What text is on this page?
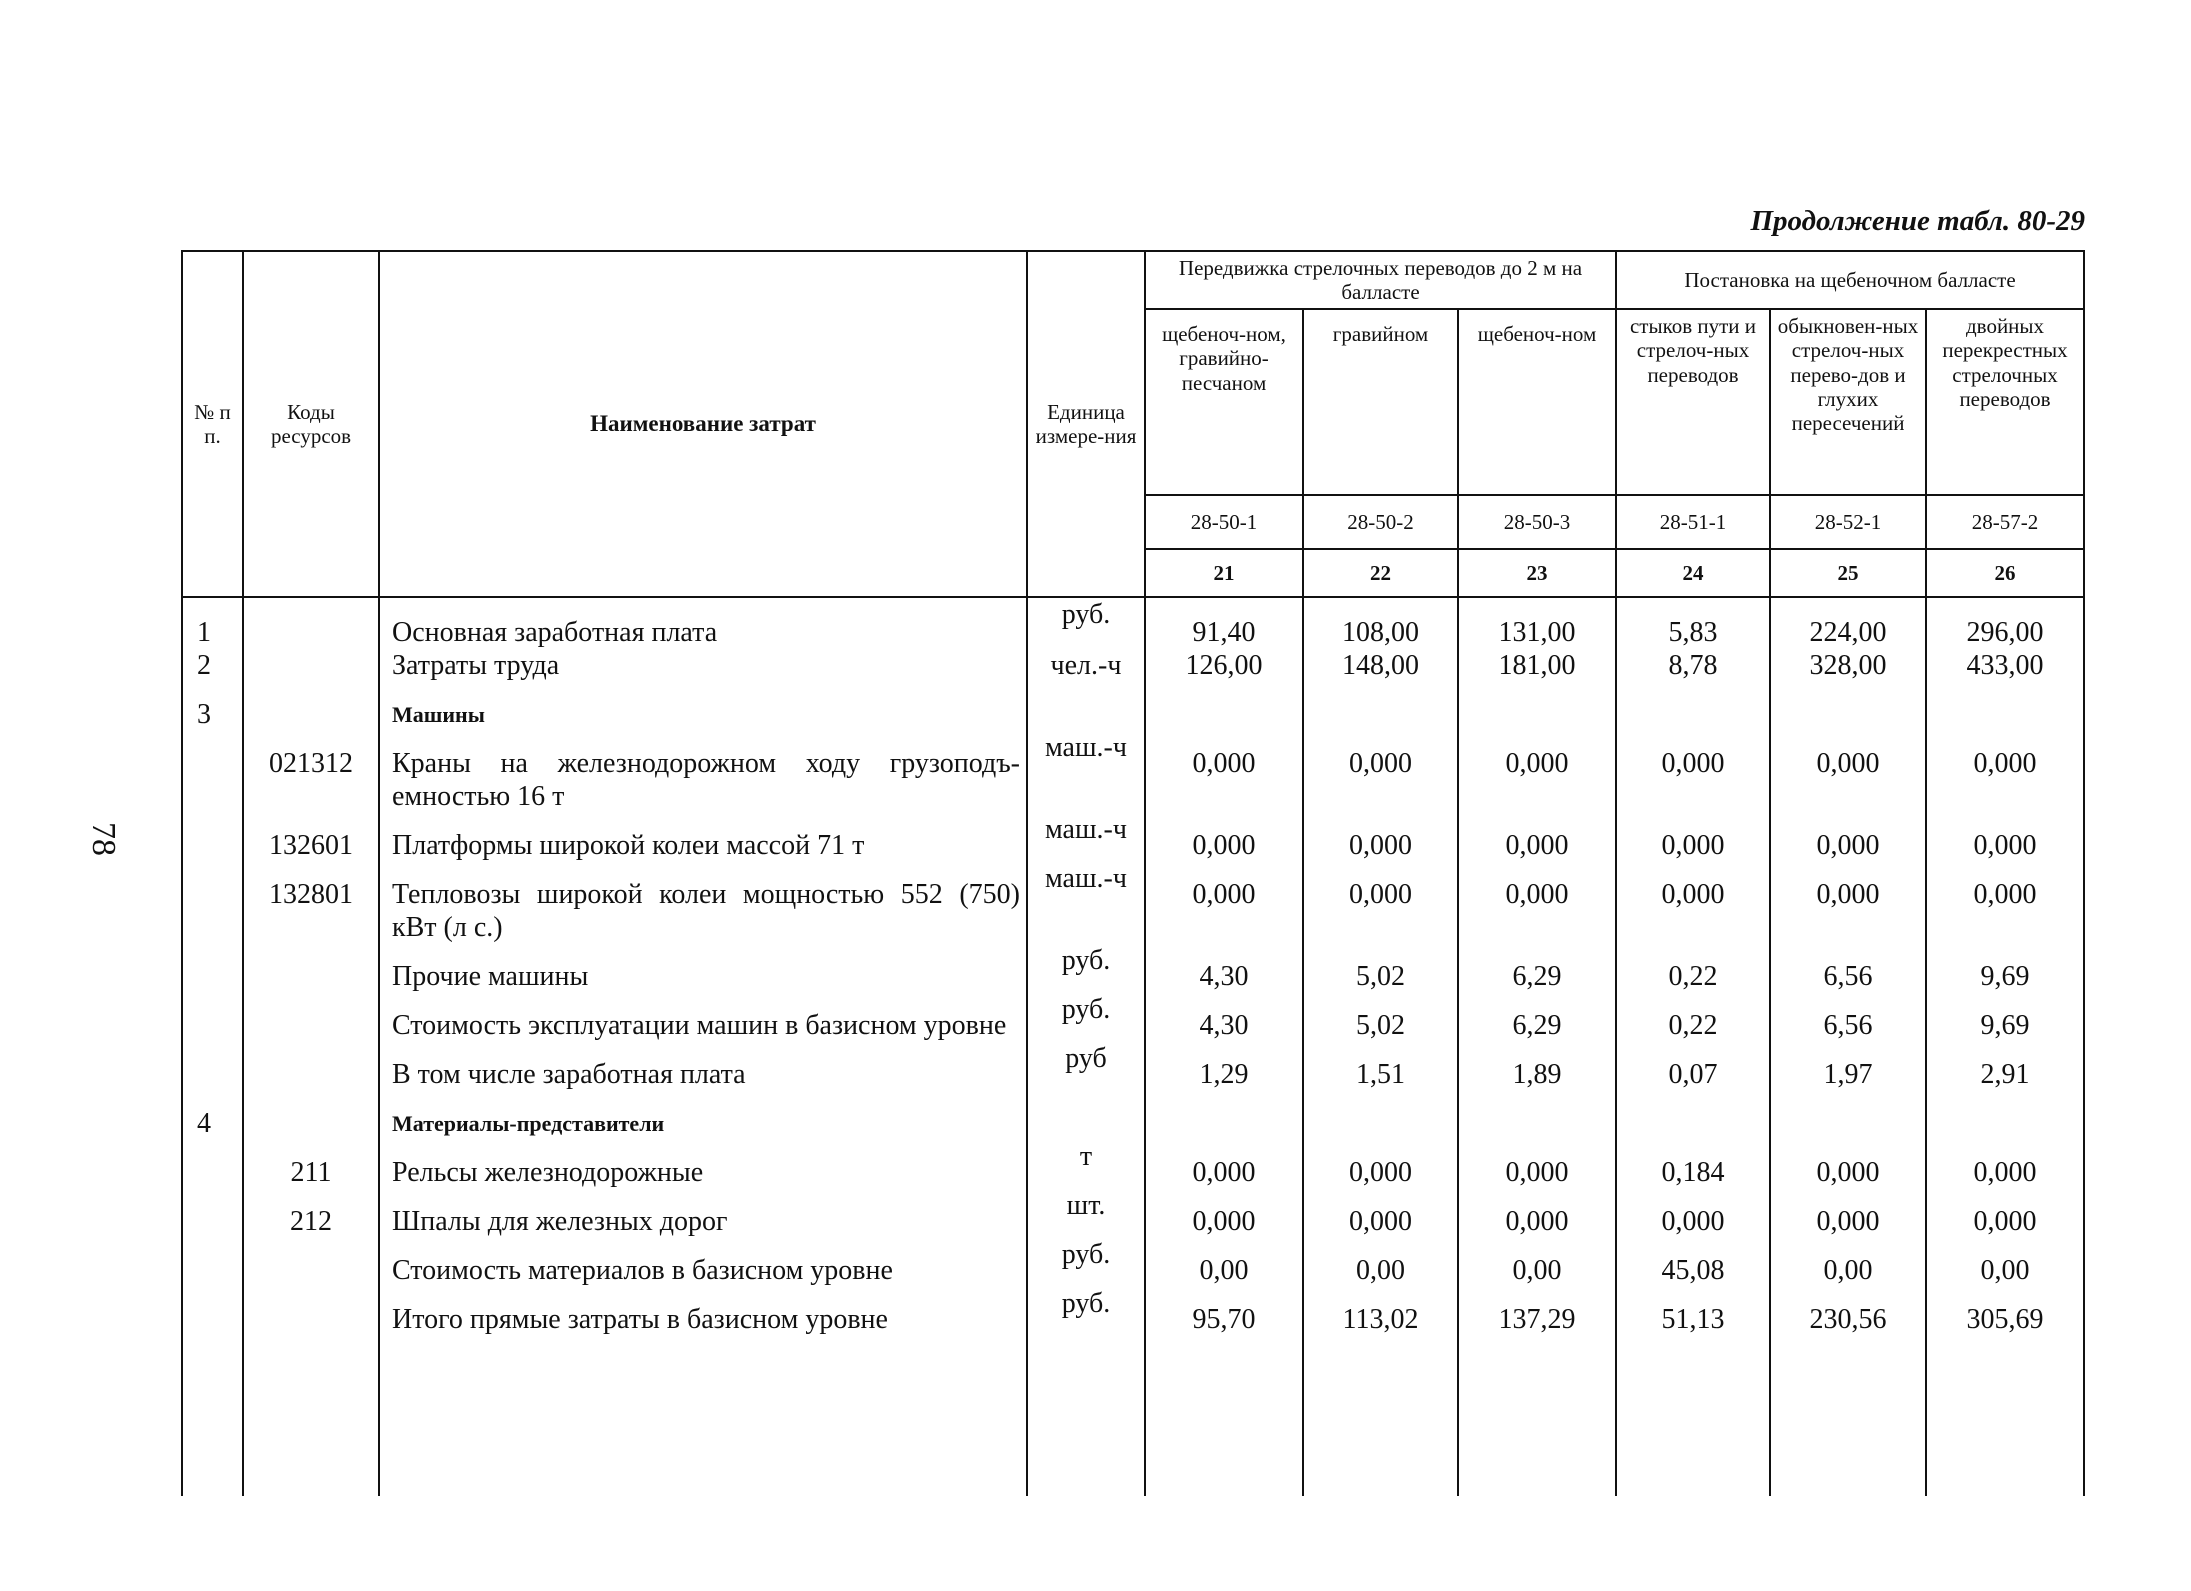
78
Продолжение табл. 80-29
№ п п.	Коды ресурсов	Наименование затрат	Единица измере-ния	Передвижка стрелочных переводов до 2 м на балласте			Постановка на щебеночном балласте		
				щебеноч-ном, гравийно-песчаном	гравийном	щебеноч-ном	стыков пути и стрелоч-ных переводов	обыкновен-ных стрелоч-ных перево-дов и глухих пересечений	двойных перекрестных стрелочных переводов
				28-50-1	28-50-2	28-50-3	28-51-1	28-52-1	28-57-2
				21	22	23	24	25	26
1		Основная заработная плата	руб.	91,40	108,00	131,00	5,83	224,00	296,00
2		Затраты труда	чел.-ч	126,00	148,00	181,00	8,78	328,00	433,00
3		Машины							
	021312	Краны на железнодорожном ходу грузоподъ-емностью 16 т	маш.-ч	0,000	0,000	0,000	0,000	0,000	0,000
	132601	Платформы широкой колеи массой 71 т	маш.-ч	0,000	0,000	0,000	0,000	0,000	0,000
	132801	Тепловозы широкой колеи мощностью 552 (750) кВт (л с.)	маш.-ч	0,000	0,000	0,000	0,000	0,000	0,000
		Прочие машины	руб.	4,30	5,02	6,29	0,22	6,56	9,69
		Стоимость эксплуатации машин в базисном уровне	руб.	4,30	5,02	6,29	0,22	6,56	9,69
		В том числе заработная плата	руб	1,29	1,51	1,89	0,07	1,97	2,91
4		Материалы-представители							
	211	Рельсы железнодорожные	т	0,000	0,000	0,000	0,184	0,000	0,000
	212	Шпалы для железных дорог	шт.	0,000	0,000	0,000	0,000	0,000	0,000
		Стоимость материалов в базисном уровне	руб.	0,00	0,00	0,00	45,08	0,00	0,00
		Итого прямые затраты в базисном уровне	руб.	95,70	113,02	137,29	51,13	230,56	305,69
